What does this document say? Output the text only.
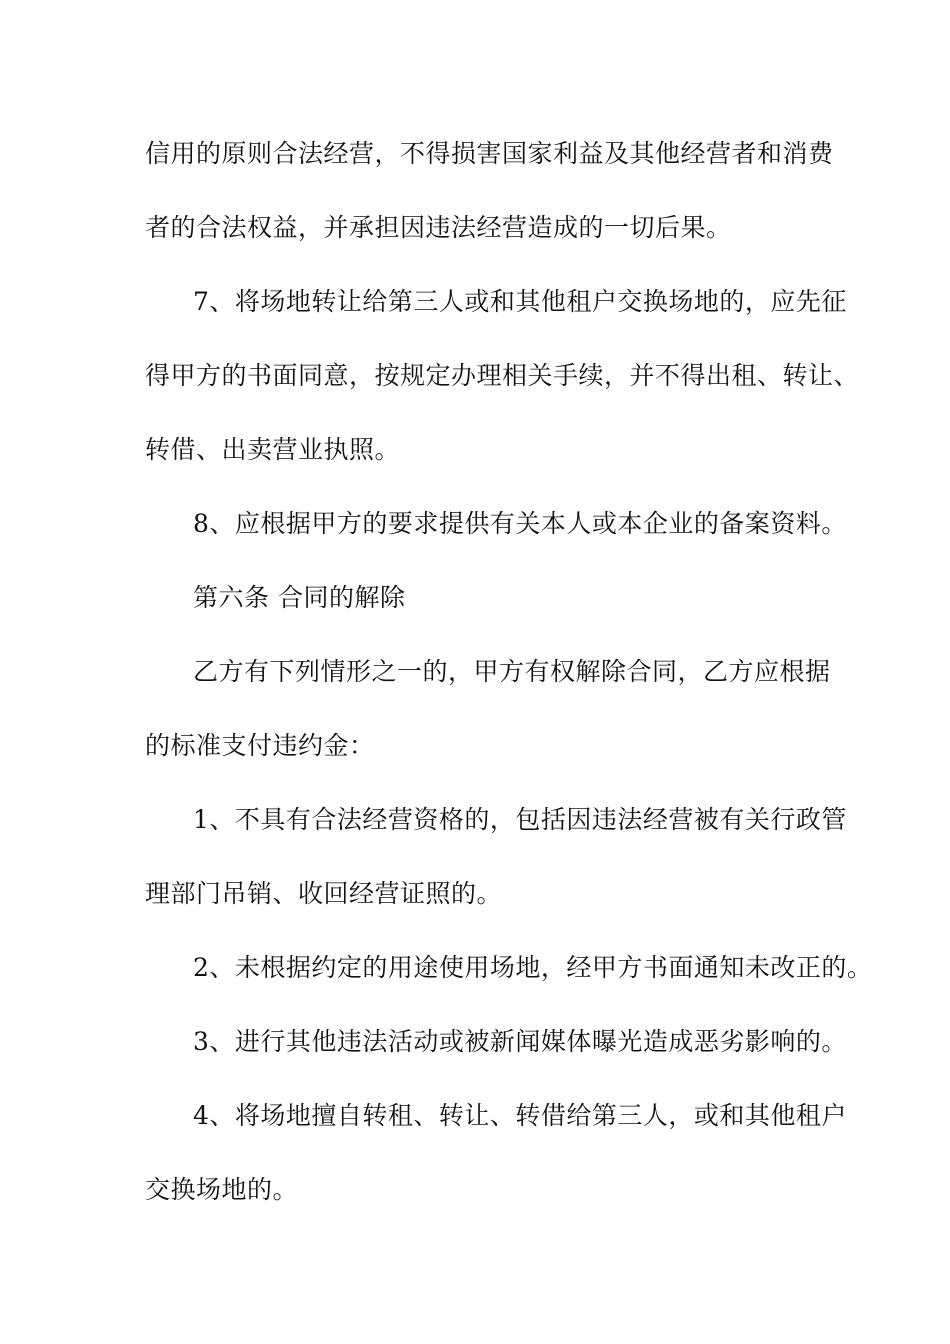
信用的原则合法经营，不得损害国家利益及其他经营者和消费
者的合法权益，并承担因违法经营造成的一切后果。
7、将场地转让给第三人或和其他租户交换场地的，应先征
得甲方的书面同意，按规定办理相关手续，并不得出租、转让、
转借、出卖营业执照。
8、应根据甲方的要求提供有关本人或本企业的备案资料。
第六条 合同的解除
乙方有下列情形之一的，甲方有权解除合同，乙方应根据
的标准支付违约金：
1、不具有合法经营资格的，包括因违法经营被有关行政管
理部门吊销、收回经营证照的。
2、未根据约定的用途使用场地，经甲方书面通知未改正的。
3、进行其他违法活动或被新闻媒体曝光造成恶劣影响的。
4、将场地擅自转租、转让、转借给第三人，或和其他租户
交换场地的。
